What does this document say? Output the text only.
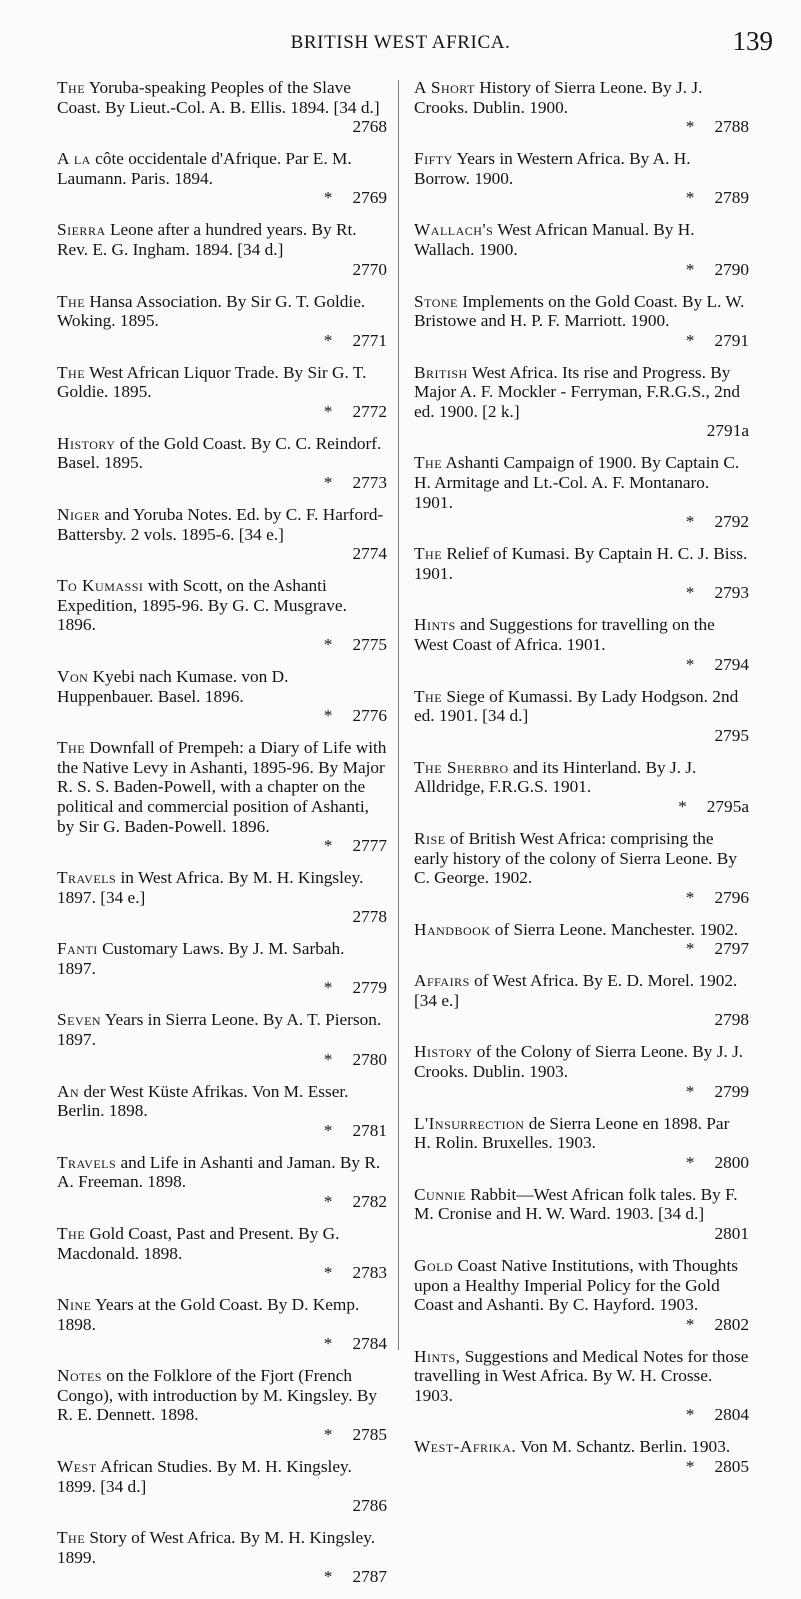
BRITISH WEST AFRICA.	139
The Yoruba-speaking Peoples of the Slave Coast. By Lieut.-Col. A. B. Ellis. 1894. [34 d.]
2768
A la côte occidentale d'Afrique. Par E. M. Laumann. Paris. 1894.
* 2769
Sierra Leone after a hundred years. By Rt. Rev. E. G. Ingham. 1894. [34 d.]
2770
The Hansa Association. By Sir G. T. Goldie. Woking. 1895.
* 2771
The West African Liquor Trade. By Sir G. T. Goldie. 1895.
* 2772
History of the Gold Coast. By C. C. Reindorf. Basel. 1895.
* 2773
Niger and Yoruba Notes. Ed. by C. F. Harford-Battersby. 2 vols. 1895-6. [34 e.]
2774
To Kumassi with Scott, on the Ashanti Expedition, 1895-96. By G. C. Musgrave. 1896.
* 2775
Von Kyebi nach Kumase. von D. Huppenbauer. Basel. 1896.
* 2776
The Downfall of Prempeh: a Diary of Life with the Native Levy in Ashanti, 1895-96. By Major R. S. S. Baden-Powell, with a chapter on the political and commercial position of Ashanti, by Sir G. Baden-Powell. 1896.
* 2777
Travels in West Africa. By M. H. Kingsley. 1897. [34 e.]
2778
Fanti Customary Laws. By J. M. Sarbah. 1897.
* 2779
Seven Years in Sierra Leone. By A. T. Pierson. 1897.
* 2780
An der West Küste Afrikas. Von M. Esser. Berlin. 1898.
* 2781
Travels and Life in Ashanti and Jaman. By R. A. Freeman. 1898.
* 2782
The Gold Coast, Past and Present. By G. Macdonald. 1898.
* 2783
Nine Years at the Gold Coast. By D. Kemp. 1898.
* 2784
Notes on the Folklore of the Fjort (French Congo), with introduction by M. Kingsley. By R. E. Dennett. 1898.
* 2785
West African Studies. By M. H. Kingsley. 1899. [34 d.]
2786
The Story of West Africa. By M. H. Kingsley. 1899.
* 2787
A Short History of Sierra Leone. By J. J. Crooks. Dublin. 1900.
* 2788
Fifty Years in Western Africa. By A. H. Borrow. 1900.
* 2789
Wallach's West African Manual. By H. Wallach. 1900.
* 2790
Stone Implements on the Gold Coast. By L. W. Bristowe and H. P. F. Marriott. 1900.
* 2791
British West Africa. Its rise and Progress. By Major A. F. Mockler - Ferryman, F.R.G.S., 2nd ed. 1900. [2 k.]
2791a
The Ashanti Campaign of 1900. By Captain C. H. Armitage and Lt.-Col. A. F. Montanaro. 1901.
* 2792
The Relief of Kumasi. By Captain H. C. J. Biss. 1901.
* 2793
Hints and Suggestions for travelling on the West Coast of Africa. 1901.
* 2794
The Siege of Kumassi. By Lady Hodgson. 2nd ed. 1901. [34 d.]
2795
The Sherbro and its Hinterland. By J. J. Alldridge, F.R.G.S. 1901.
* 2795a
Rise of British West Africa: comprising the early history of the colony of Sierra Leone. By C. George. 1902.
* 2796
Handbook of Sierra Leone. Manchester. 1902.
* 2797
Affairs of West Africa. By E. D. Morel. 1902. [34 e.]
2798
History of the Colony of Sierra Leone. By J. J. Crooks. Dublin. 1903.
* 2799
L'Insurrection de Sierra Leone en 1898. Par H. Rolin. Bruxelles. 1903.
* 2800
Cunnie Rabbit—West African folk tales. By F. M. Cronise and H. W. Ward. 1903. [34 d.]
2801
Gold Coast Native Institutions, with Thoughts upon a Healthy Imperial Policy for the Gold Coast and Ashanti. By C. Hayford. 1903.
* 2802
Hints, Suggestions and Medical Notes for those travelling in West Africa. By W. H. Crosse. 1903.
* 2804
West-Afrika. Von M. Schantz. Berlin. 1903.
* 2805
